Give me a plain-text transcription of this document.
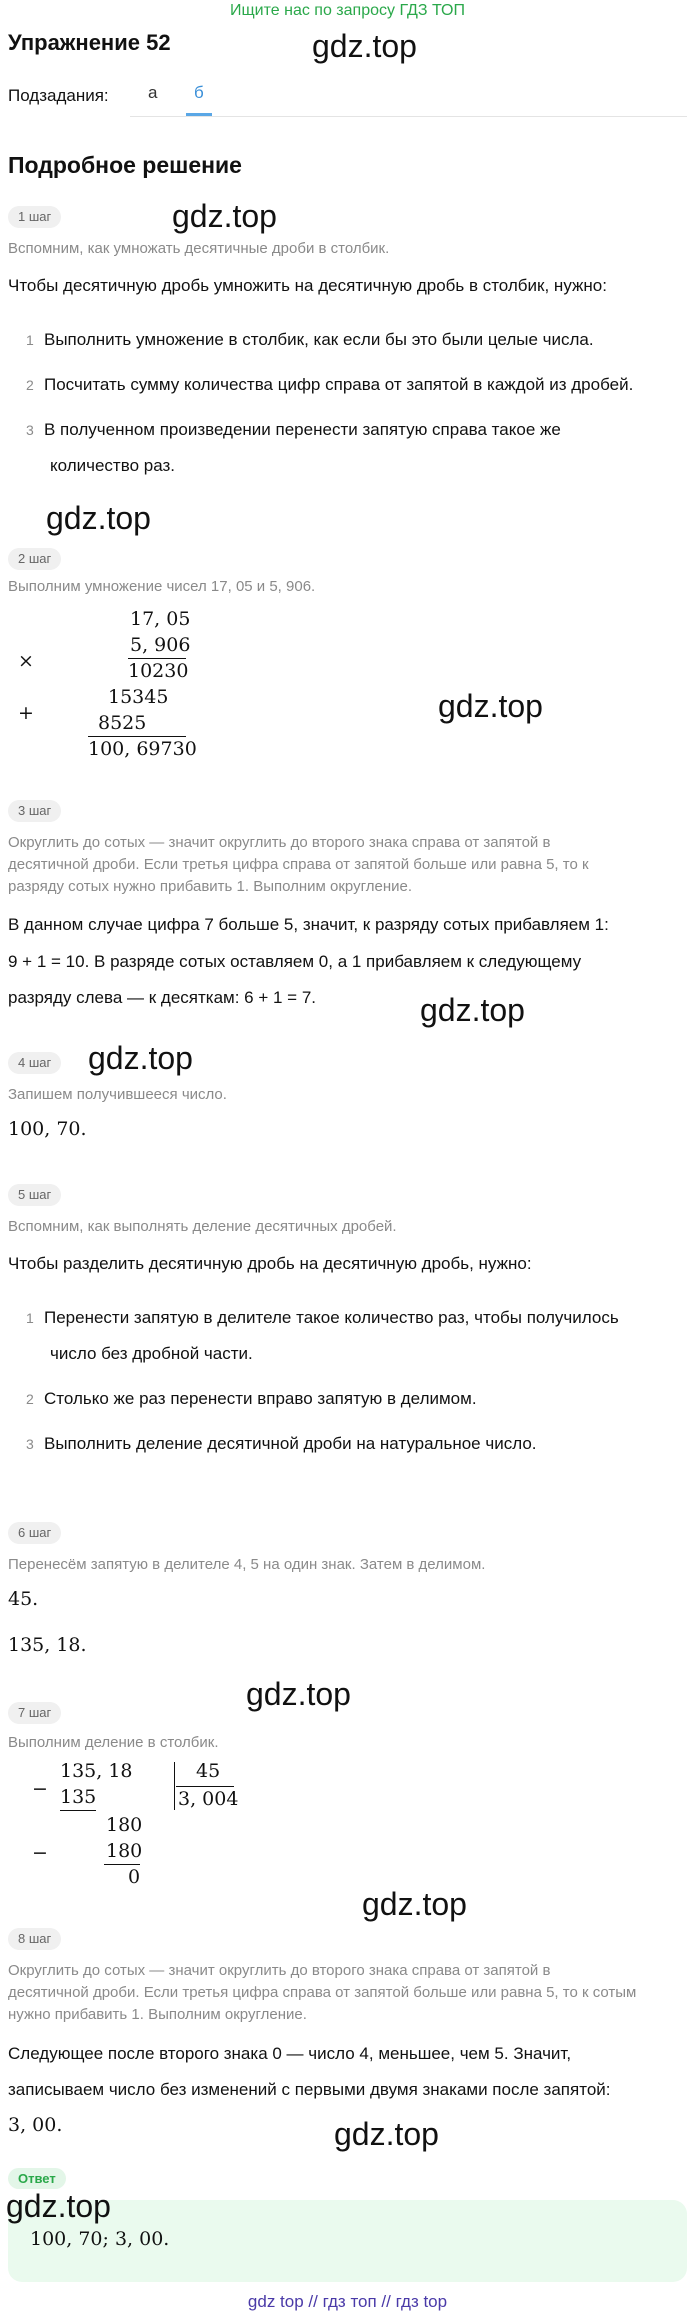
Ищите нас по запросу ГДЗ ТОП
Упражнение 52	gdz.top
Подзадания:	а	б
Подробное решение
1 шаг	gdz.top
Вспомним, как умножать десятичные дроби в столбик.
Чтобы десятичную дробь умножить на десятичную дробь в столбик, нужно:
1 Выполнить умножение в столбик, как если бы это были целые числа.
2 Посчитать сумму количества цифр справа от запятой в каждой из дробей.
3 В полученном произведении перенести запятую справа такое же
количество раз.
gdz.top
2 шаг
Выполним умножение чисел 17, 05 и 5, 906.
17, 05
×
5, 906
10230
+
15345
8525
100, 69730
gdz.top
3 шаг
Округлить до сотых — значит округлить до второго знака справа от запятой в
десятичной дроби. Если третья цифра справа от запятой больше или равна 5, то к
разряду сотых нужно прибавить 1. Выполним округление.
В данном случае цифра 7 больше 5, значит, к разряду сотых прибавляем 1:
9 + 1 = 10. В разряде сотых оставляем 0, а 1 прибавляем к следующему
разряду слева — к десяткам: 6 + 1 = 7.	gdz.top
4 шаг	gdz.top
Запишем получившееся число.
100, 70.
5 шаг
Вспомним, как выполнять деление десятичных дробей.
Чтобы разделить десятичную дробь на десятичную дробь, нужно:
1 Перенести запятую в делителе такое количество раз, чтобы получилось
число без дробной части.
2 Столько же раз перенести вправо запятую в делимом.
3 Выполнить деление десятичной дроби на натуральное число.
6 шаг
Перенесём запятую в делителе 4, 5 на один знак. Затем в делимом.
45.
135, 18.
gdz.top
7 шаг
Выполним деление в столбик.
−
135, 18
135
180
−	180
0
45
3, 004
gdz.top
8 шаг
Округлить до сотых — значит округлить до второго знака справа от запятой в
десятичной дроби. Если третья цифра справа от запятой больше или равна 5, то к сотым
нужно прибавить 1. Выполним округление.
Следующее после второго знака 0 — число 4, меньшее, чем 5. Значит,
записываем число без изменений с первыми двумя знаками после запятой:
3, 00.	gdz.top
Ответ
gdz.top
100, 70; 3, 00.
gdz top // гдз топ // гдз top
